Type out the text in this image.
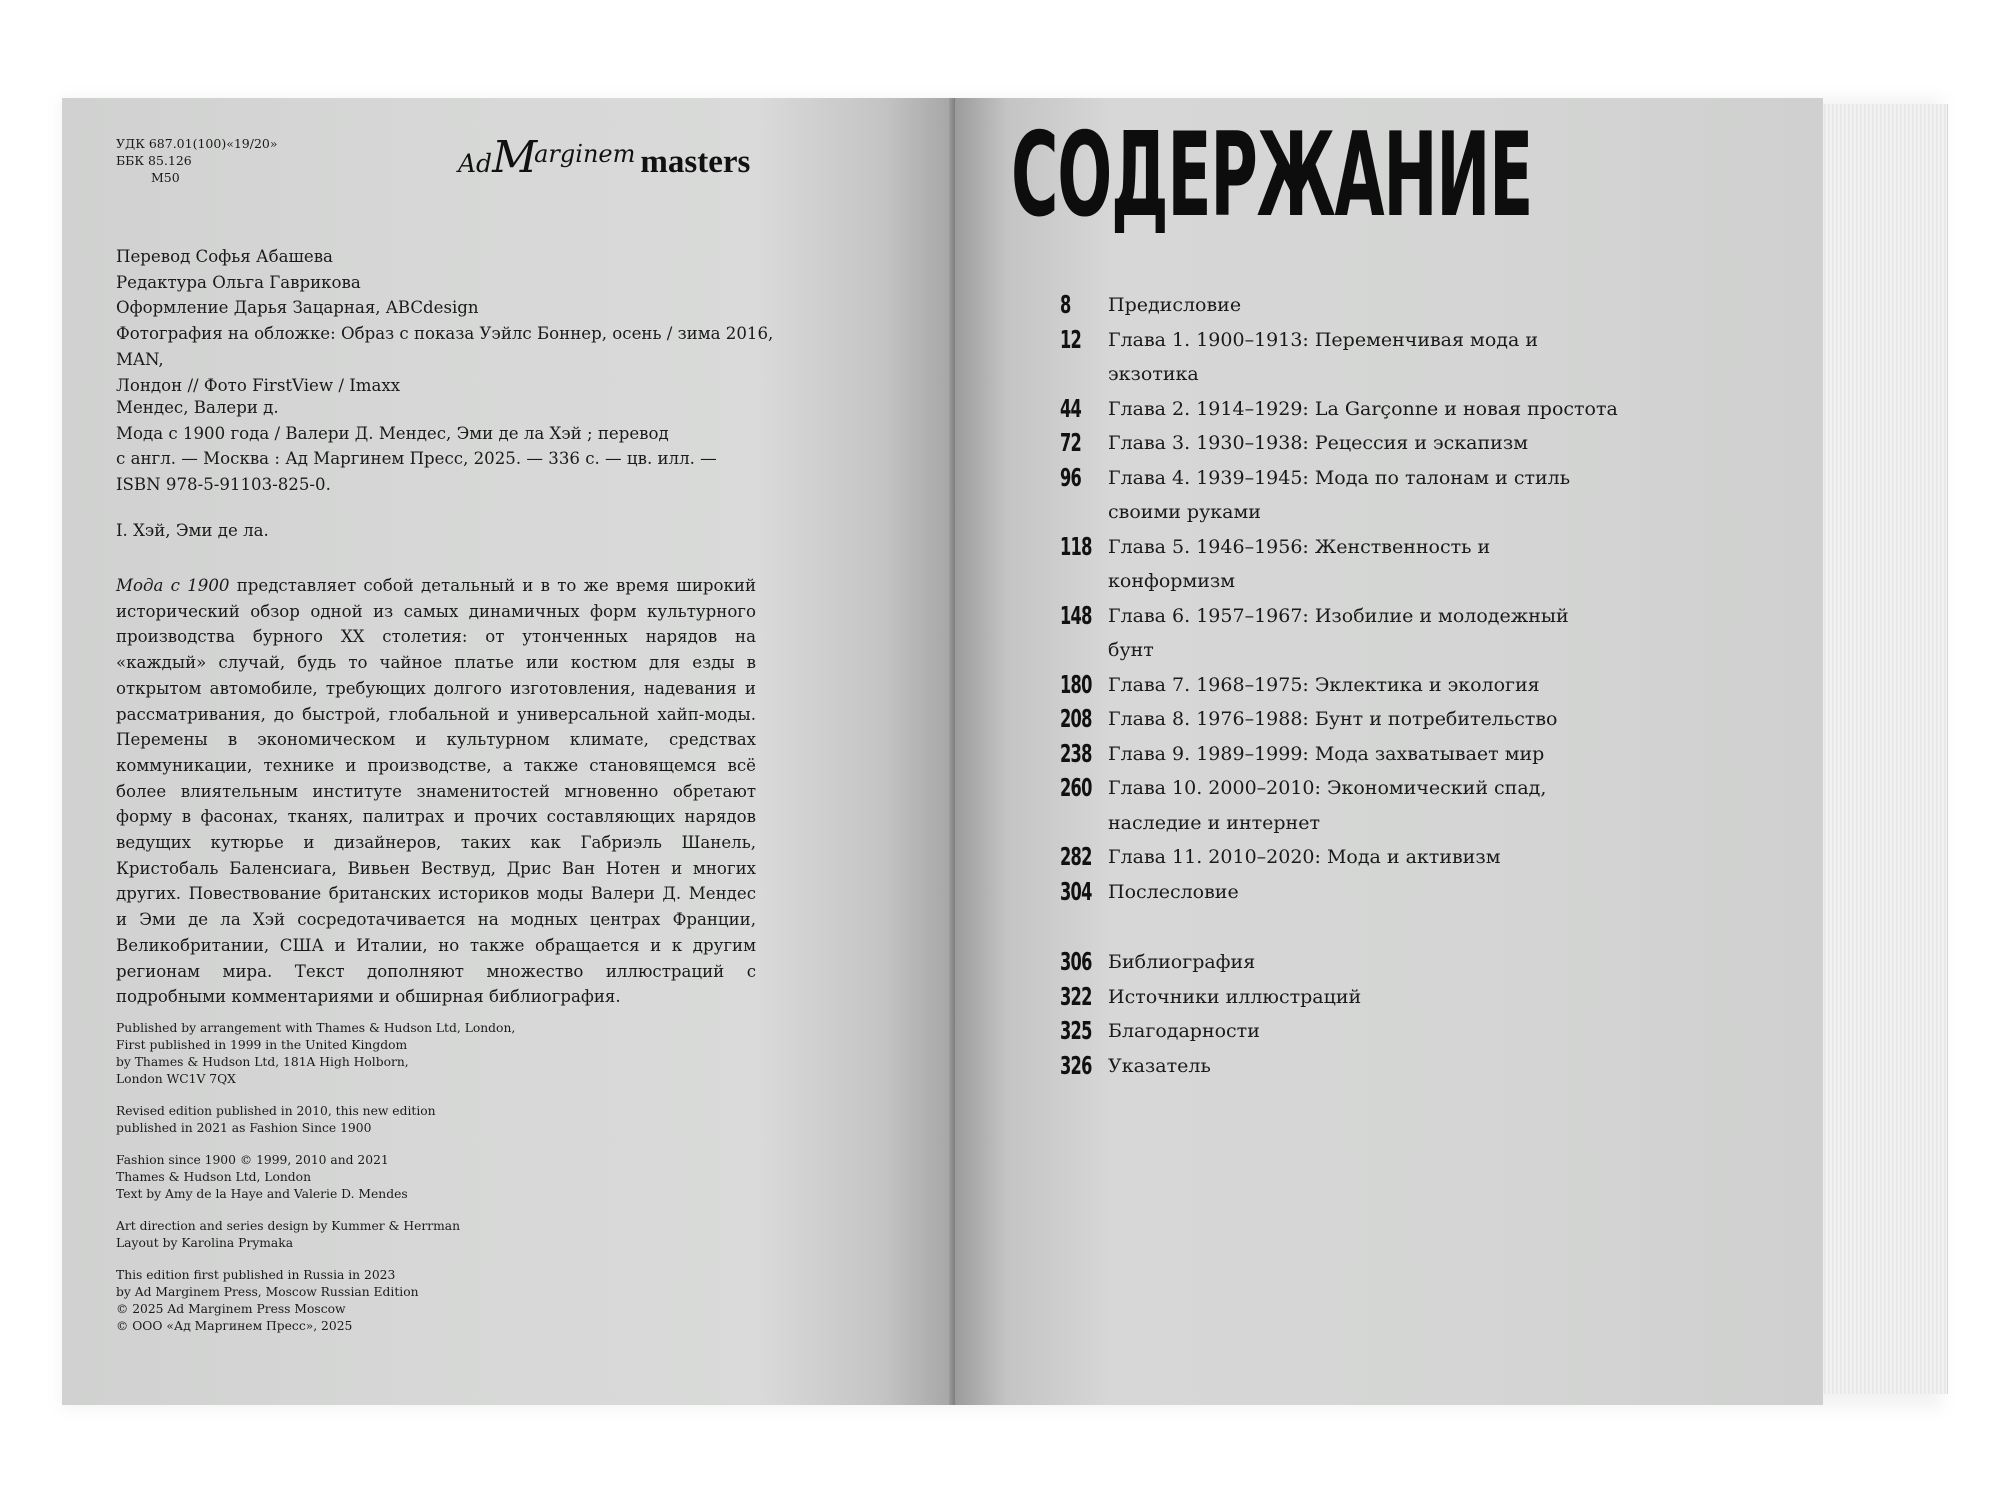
УДК 687.01(100)«19/20»
ББК 85.126
М50	AdMarginem masters
Перевод Софья Абашева
Редактура Ольга Гаврикова
Оформление Дарья Зацарная, ABCdesign
Фотография на обложке: Образ с показа Уэйлс Боннер, осень / зима 2016, MAN,
Лондон // Фото FirstView / Imaxx
Мендес, Валери д.
Мода с 1900 года / Валери Д. Мендес, Эми де ла Хэй ; перевод
с англ. — Москва : Ад Маргинем Пресс, 2025. — 336 с. — цв. илл. —
ISBN 978-5-91103-825-0.
I. Хэй, Эми де ла.
Мода с 1900 представляет собой детальный и в то же время широкий исторический обзор одной из самых динамичных форм культурного производства бурного XX столетия: от утонченных нарядов на «каждый» случай, будь то чайное платье или костюм для езды в открытом автомобиле, требующих долгого изготовления, надевания и рассматривания, до быстрой, глобальной и универсальной хайп-моды. Перемены в экономическом и культурном климате, средствах коммуникации, технике и производстве, а также становящемся всё более влиятельным институте знаменитостей мгновенно обретают форму в фасонах, тканях, палитрах и прочих составляющих нарядов ведущих кутюрье и дизайнеров, таких как Габриэль Шанель, Кристобаль Баленсиага, Вивьен Вествуд, Дрис Ван Нотен и многих других. Повествование британских историков моды Валери Д. Мендес и Эми де ла Хэй сосредотачивается на модных центрах Франции, Великобритании, США и Италии, но также обращается и к другим регионам мира. Текст дополняют множество иллюстраций с подробными комментариями и обширная библиография.

Published by arrangement with Thames & Hudson Ltd, London,
First published in 1999 in the United Kingdom
by Thames & Hudson Ltd, 181A High Holborn,
London WC1V 7QX

Revised edition published in 2010, this new edition
published in 2021 as Fashion Since 1900

Fashion since 1900 © 1999, 2010 and 2021
Thames & Hudson Ltd, London
Text by Amy de la Haye and Valerie D. Mendes

Art direction and series design by Kummer & Herrman
Layout by Karolina Prymaka

This edition first published in Russia in 2023
by Ad Marginem Press, Moscow Russian Edition
© 2025 Ad Marginem Press Moscow
© ООО «Ад Маргинем Пресс», 2025

СОДЕРЖАНИЕ
8	Предисловие
12	Глава 1. 1900–1913: Переменчивая мода и экзотика
44	Глава 2. 1914–1929: La Garçonne и новая простота
72	Глава 3. 1930–1938: Рецессия и эскапизм
96	Глава 4. 1939–1945: Мода по талонам и стиль своими руками
118 Глава 5. 1946–1956: Женственность и конформизм
148 Глава 6. 1957–1967: Изобилие и молодежный бунт
180 Глава 7. 1968–1975: Эклектика и экология
208 Глава 8. 1976–1988: Бунт и потребительство
238 Глава 9. 1989–1999: Мода захватывает мир
260 Глава 10. 2000–2010: Экономический спад, наследие и интернет
282 Глава 11. 2010–2020: Мода и активизм
304 Послесловие
306 Библиография
322 Источники иллюстраций
325 Благодарности
326 Указатель
